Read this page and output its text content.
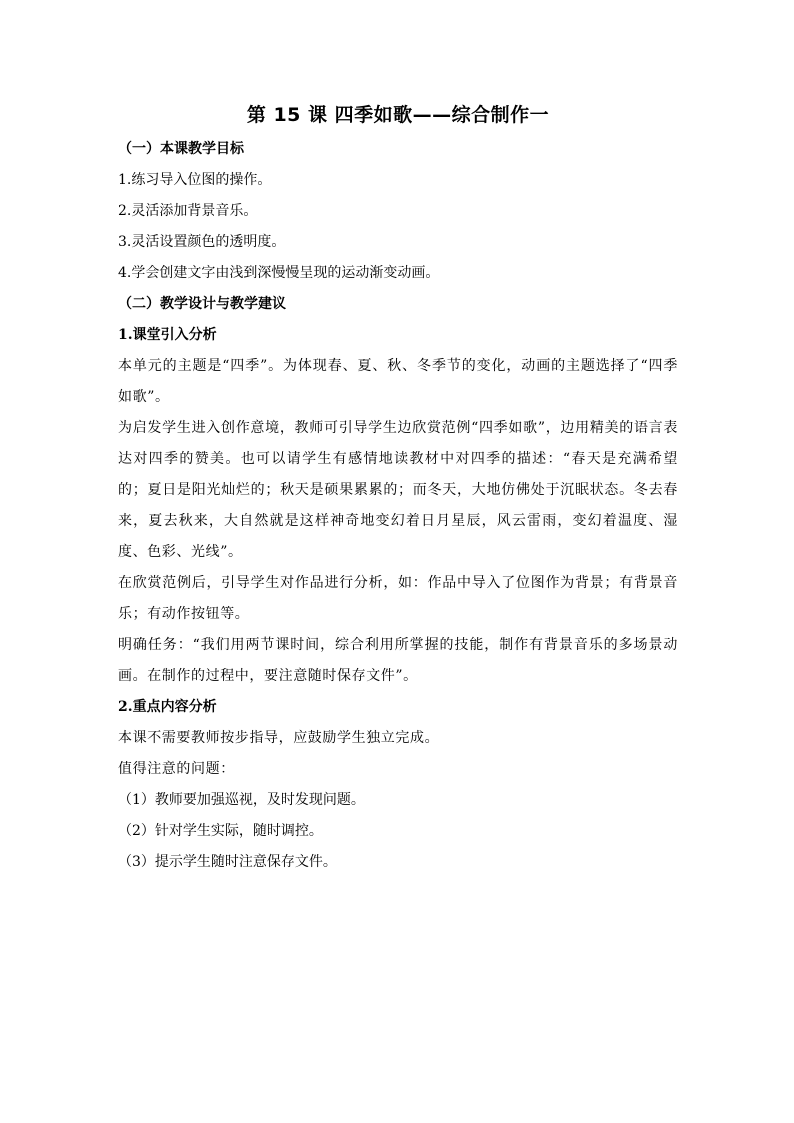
第 15 课 四季如歌——综合制作一

（一）本课教学目标

1.练习导入位图的操作。

2.灵活添加背景音乐。

3.灵活设置颜色的透明度。

4.学会创建文字由浅到深慢慢呈现的运动渐变动画。

（二）教学设计与教学建议

1.课堂引入分析

本单元的主题是“四季”。为体现春、夏、秋、冬季节的变化，动画的主题选择了“四季如歌”。

为启发学生进入创作意境，教师可引导学生边欣赏范例“四季如歌”，边用精美的语言表达对四季的赞美。也可以请学生有感情地读教材中对四季的描述：“春天是充满希望的；夏日是阳光灿烂的；秋天是硕果累累的；而冬天，大地仿佛处于沉眠状态。冬去春来，夏去秋来，大自然就是这样神奇地变幻着日月星辰，风云雷雨，变幻着温度、湿度、色彩、光线”。

在欣赏范例后，引导学生对作品进行分析，如：作品中导入了位图作为背景；有背景音乐；有动作按钮等。

明确任务：“我们用两节课时间，综合利用所掌握的技能，制作有背景音乐的多场景动画。在制作的过程中，要注意随时保存文件”。

2.重点内容分析

本课不需要教师按步指导，应鼓励学生独立完成。

值得注意的问题：

（1）教师要加强巡视，及时发现问题。

（2）针对学生实际，随时调控。

（3）提示学生随时注意保存文件。
